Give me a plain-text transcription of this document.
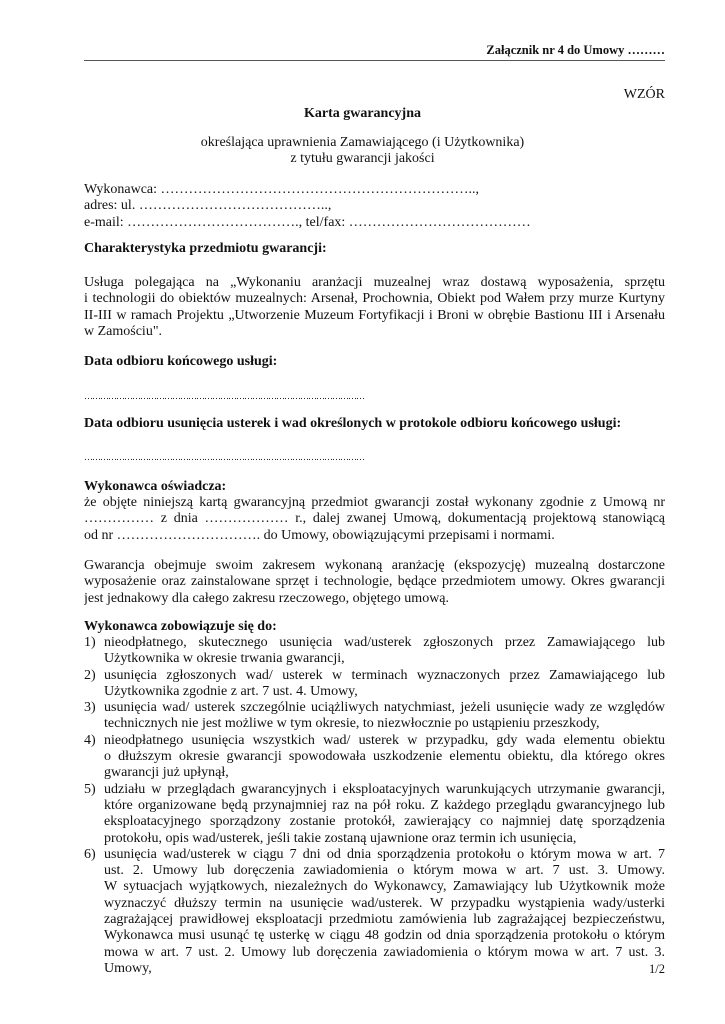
Załącznik nr 4 do Umowy ………
WZÓR
Karta gwarancyjna
określająca uprawnienia Zamawiającego (i Użytkownika)
z tytułu gwarancji jakości
Wykonawca: …………………………………………………………..,
adres: ul. …………………………………..,
e-mail: ………………………………., tel/fax: …………………………………
Charakterystyka przedmiotu gwarancji:
Usługa polegająca na „Wykonaniu aranżacji muzealnej wraz dostawą wyposażenia, sprzętu
i technologii do obiektów muzealnych: Arsenał, Prochownia, Obiekt pod Wałem przy murze Kurtyny
II-III w ramach Projektu „Utworzenie Muzeum Fortyfikacji i Broni w obrębie Bastionu III i Arsenału
w Zamościu".
Data odbioru końcowego usługi:
……………………………………………………………………………………………
Data odbioru usunięcia usterek i wad określonych w protokole odbioru końcowego usługi:
……………………………………………………………………………………………
Wykonawca oświadcza:
że objęte niniejszą kartą gwarancyjną przedmiot gwarancji został wykonany zgodnie z Umową nr
…………… z dnia ……………… r., dalej zwanej Umową, dokumentacją projektową stanowiącą
od nr …………………………. do Umowy, obowiązującymi przepisami i normami.
Gwarancja obejmuje swoim zakresem wykonaną aranżację (ekspozycję) muzealną dostarczone
wyposażenie oraz zainstalowane sprzęt i technologie, będące przedmiotem umowy. Okres gwarancji
jest jednakowy dla całego zakresu rzeczowego, objętego umową.
Wykonawca zobowiązuje się do:
1) nieodpłatnego, skutecznego usunięcia wad/usterek zgłoszonych przez Zamawiającego lub
Użytkownika w okresie trwania gwarancji,
2) usunięcia zgłoszonych wad/ usterek w terminach wyznaczonych przez Zamawiającego lub
Użytkownika zgodnie z art. 7 ust. 4. Umowy,
3) usunięcia wad/ usterek szczególnie uciążliwych natychmiast, jeżeli usunięcie wady ze względów
technicznych nie jest możliwe w tym okresie, to niezwłocznie po ustąpieniu przeszkody,
4) nieodpłatnego usunięcia wszystkich wad/ usterek w przypadku, gdy wada elementu obiektu
o dłuższym okresie gwarancji spowodowała uszkodzenie elementu obiektu, dla którego okres
gwarancji już upłynął,
5) udziału w przeglądach gwarancyjnych i eksploatacyjnych warunkujących utrzymanie gwarancji,
które organizowane będą przynajmniej raz na pół roku. Z każdego przeglądu gwarancyjnego lub
eksploatacyjnego sporządzony zostanie protokół, zawierający co najmniej datę sporządzenia
protokołu, opis wad/usterek, jeśli takie zostaną ujawnione oraz termin ich usunięcia,
6) usunięcia wad/usterek w ciągu 7 dni od dnia sporządzenia protokołu o którym mowa w art. 7
ust. 2. Umowy lub doręczenia zawiadomienia o którym mowa w art. 7 ust. 3. Umowy.
W sytuacjach wyjątkowych, niezależnych do Wykonawcy, Zamawiający lub Użytkownik może
wyznaczyć dłuższy termin na usunięcie wad/usterek. W przypadku wystąpienia wady/usterki
zagrażającej prawidłowej eksploatacji przedmiotu zamówienia lub zagrażającej bezpieczeństwu,
Wykonawca musi usunąć tę usterkę w ciągu 48 godzin od dnia sporządzenia protokołu o którym
mowa w art. 7 ust. 2. Umowy lub doręczenia zawiadomienia o którym mowa w art. 7 ust. 3.
Umowy,	1/2
